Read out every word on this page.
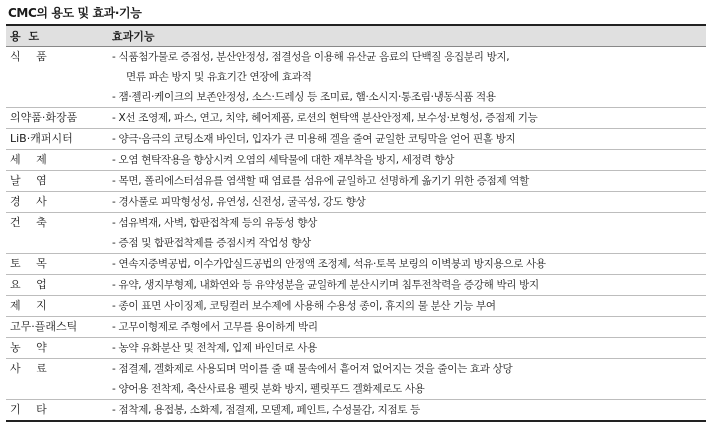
CMC의 용도 및 효과·기능
용 도	효과기능
식 품	- 식품첨가물로 증점성, 분산안정성, 점결성을 이용해 유산균 음료의 단백질 응집분리 방지,
면류 파손 방지 및 유효기간 연장에 효과적
- 잼·젤리·케이크의 보존안정성, 소스·드레싱 등 조미료, 햄·소시지·통조림·냉동식품 적용
의약품·화장품	- X선 조영제, 파스, 연고, 치약, 헤어제품, 로션의 현탁액 분산안정제, 보수성·보형성, 증점제 기능
LiB·캐퍼시터	- 양극·음극의 코팅소재 바인더, 입자가 큰 미용해 겔을 줄여 균일한 코팅막을 얻어 핀홀 방지
세 제	- 오염 현탁작용을 향상시켜 오염의 세탁물에 대한 재부착을 방지, 세정력 향상
날 염	- 목면, 폴리에스터섬유를 염색할 때 염료를 섬유에 균일하고 선명하게 옮기기 위한 증점제 역할
경 사	- 경사풀로 피막형성성, 유연성, 신전성, 굴곡성, 강도 향상
건 축	- 섬유벽재, 사벽, 합판접착제 등의 유동성 향상
- 증점 및 합판접착제를 증점시켜 작업성 향상
토 목	- 연속지중벽공법, 이수가압실드공법의 안정액 조정제, 석유·토목 보링의 이벽붕괴 방지용으로 사용
요 업	- 유약, 생지부형제, 내화연와 등 유약성분을 균일하게 분산시키며 침투전착력을 증강해 박리 방지
제 지	- 종이 표면 사이징제, 코팅컬러 보수제에 사용해 수용성 종이, 휴지의 물 분산 기능 부여
고무·플래스틱	- 고무이형제로 주형에서 고무를 용이하게 박리
농 약	- 농약 유화분산 및 전착제, 입제 바인더로 사용
사 료	- 점결제, 겔화제로 사용되며 먹이를 줄 때 물속에서 흩어져 없어지는 것을 줄이는 효과 상당
- 양어용 전착제, 축산사료용 펠릿 분화 방지, 펠릿푸드 겔화제로도 사용
기 타	- 점착제, 용접봉, 소화제, 점결제, 모델제, 페인트, 수성물감, 지점토 등
